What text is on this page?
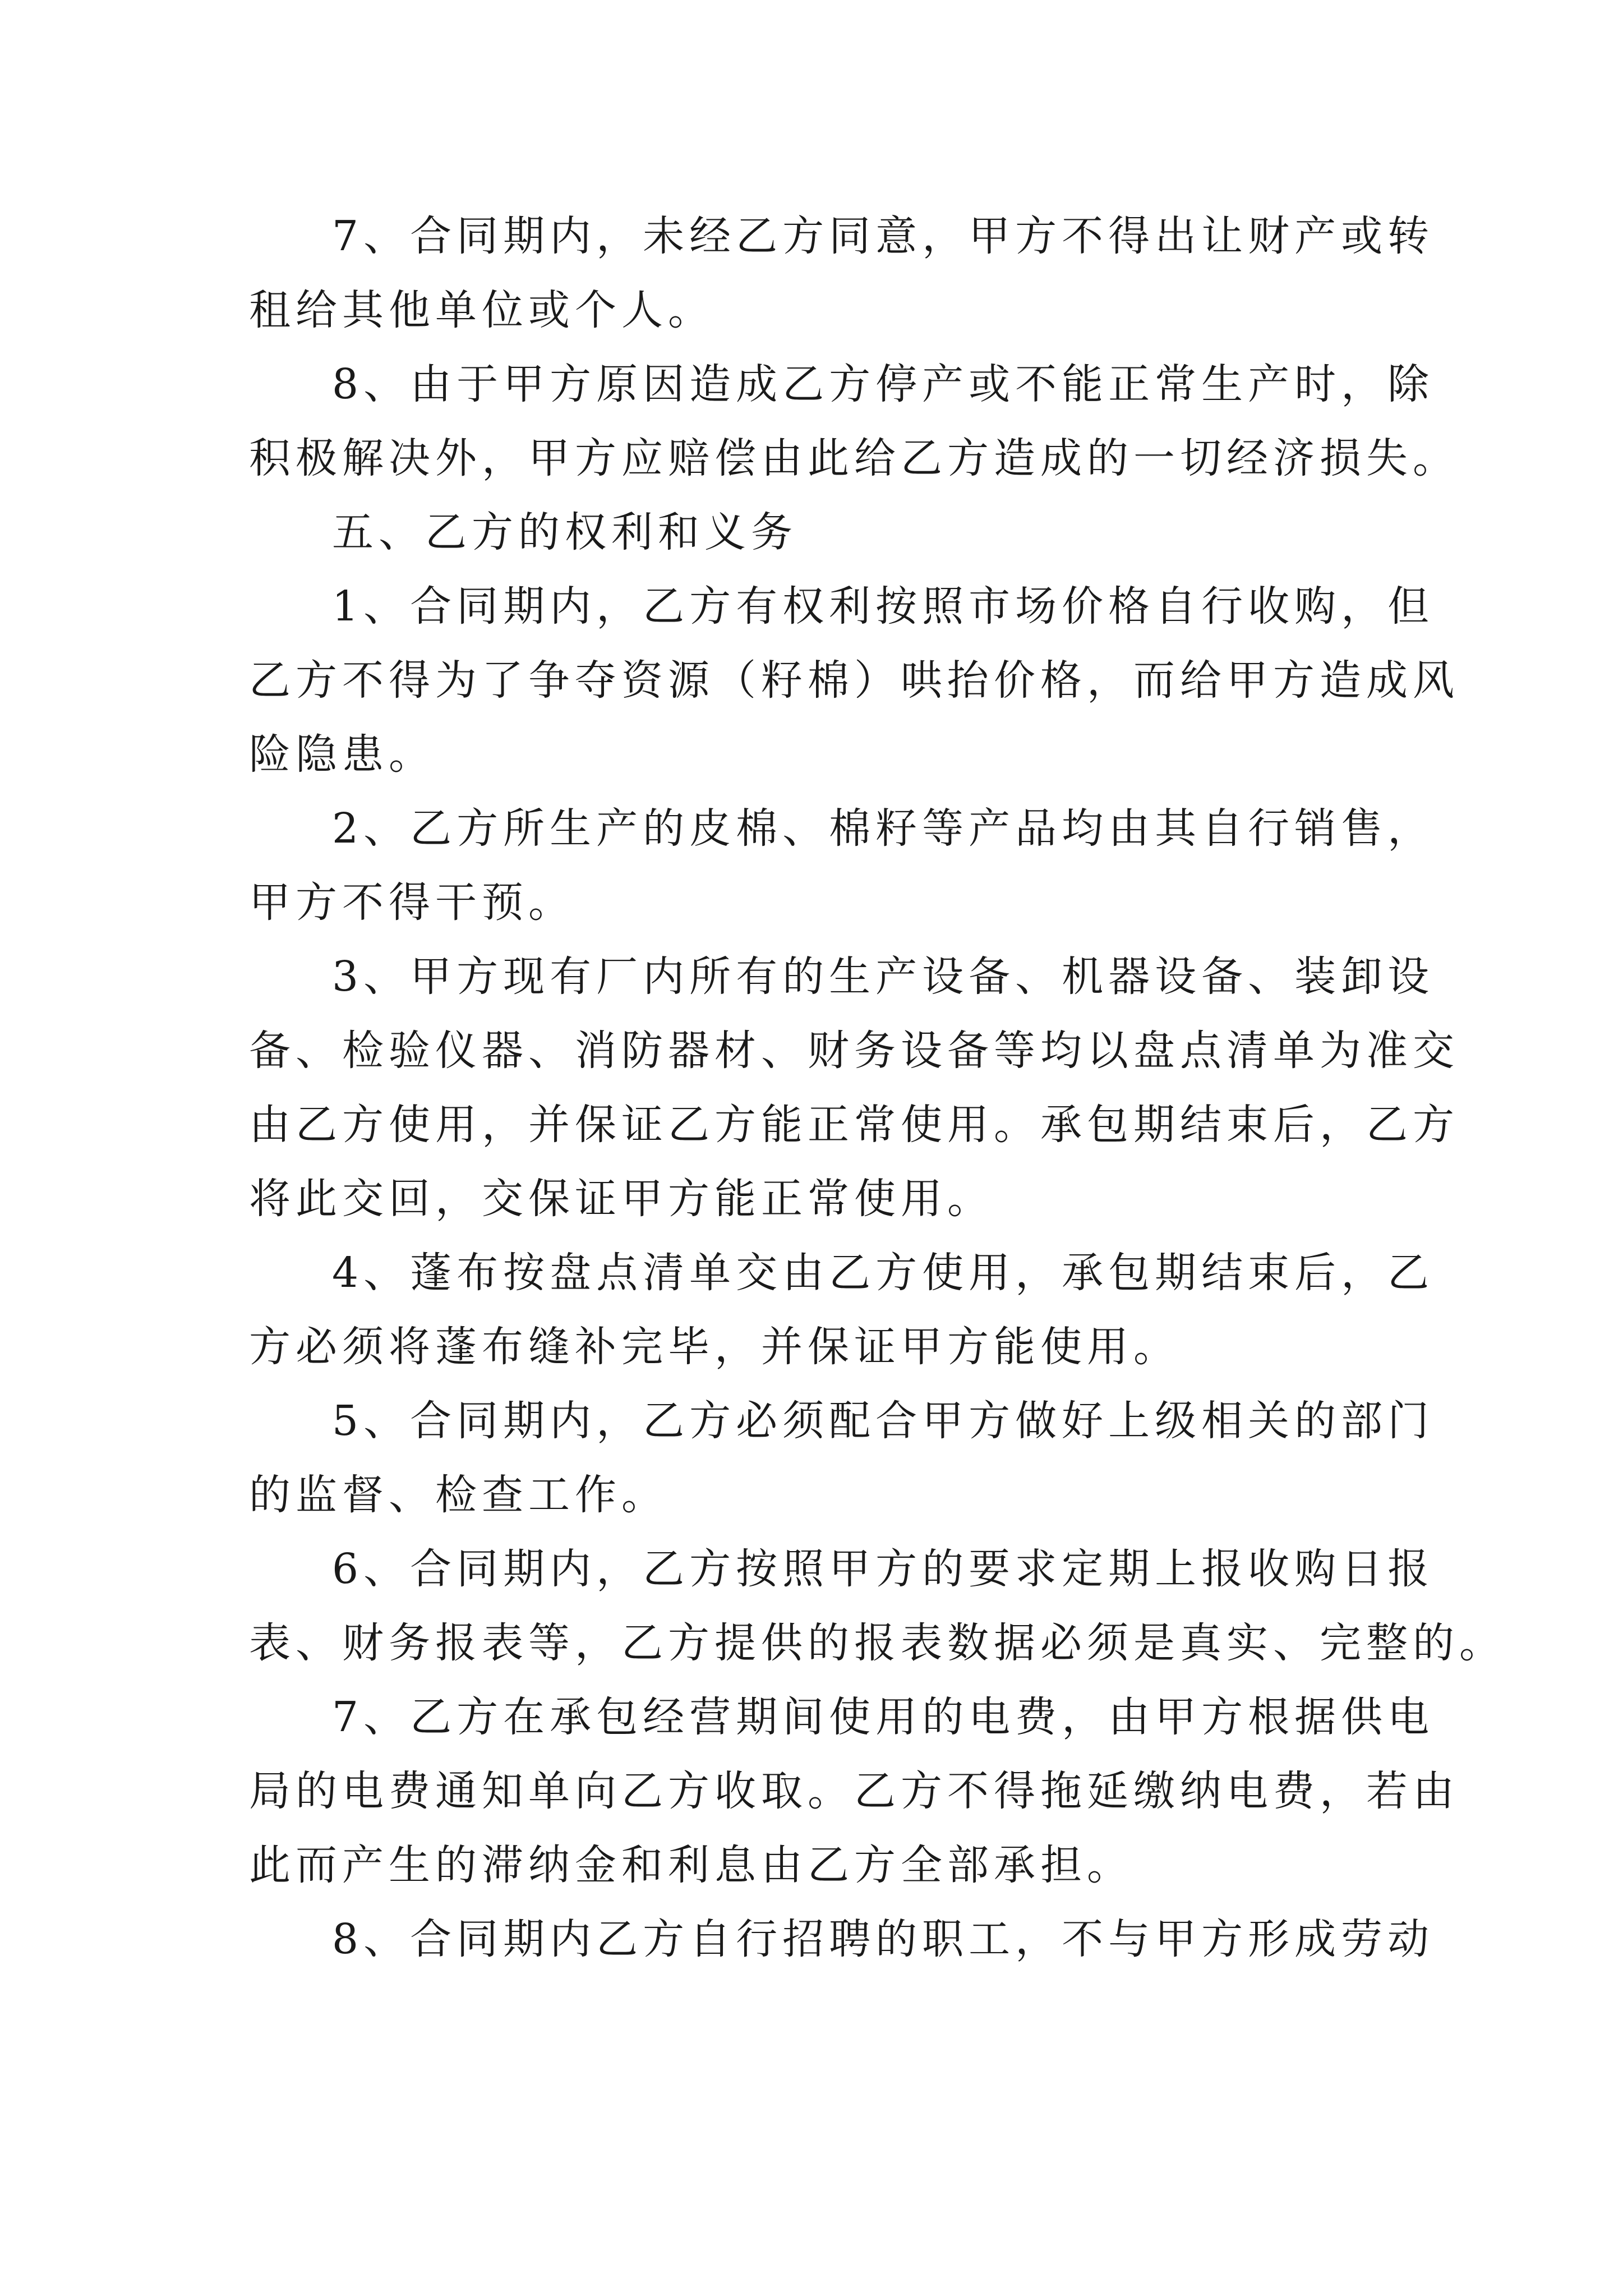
7、合同期内，未经乙方同意，甲方不得出让财产或转
租给其他单位或个人。
8、由于甲方原因造成乙方停产或不能正常生产时，除
积极解决外，甲方应赔偿由此给乙方造成的一切经济损失。
五、乙方的权利和义务
1、合同期内，乙方有权利按照市场价格自行收购，但
乙方不得为了争夺资源（籽棉）哄抬价格，而给甲方造成风
险隐患。
2、乙方所生产的皮棉、棉籽等产品均由其自行销售，
甲方不得干预。
3、甲方现有厂内所有的生产设备、机器设备、装卸设
备、检验仪器、消防器材、财务设备等均以盘点清单为准交
由乙方使用，并保证乙方能正常使用。承包期结束后，乙方
将此交回，交保证甲方能正常使用。
4、蓬布按盘点清单交由乙方使用，承包期结束后，乙
方必须将蓬布缝补完毕，并保证甲方能使用。
5、合同期内，乙方必须配合甲方做好上级相关的部门
的监督、检查工作。
6、合同期内，乙方按照甲方的要求定期上报收购日报
表、财务报表等，乙方提供的报表数据必须是真实、完整的。
7、乙方在承包经营期间使用的电费，由甲方根据供电
局的电费通知单向乙方收取。乙方不得拖延缴纳电费，若由
此而产生的滞纳金和利息由乙方全部承担。
8、合同期内乙方自行招聘的职工，不与甲方形成劳动
